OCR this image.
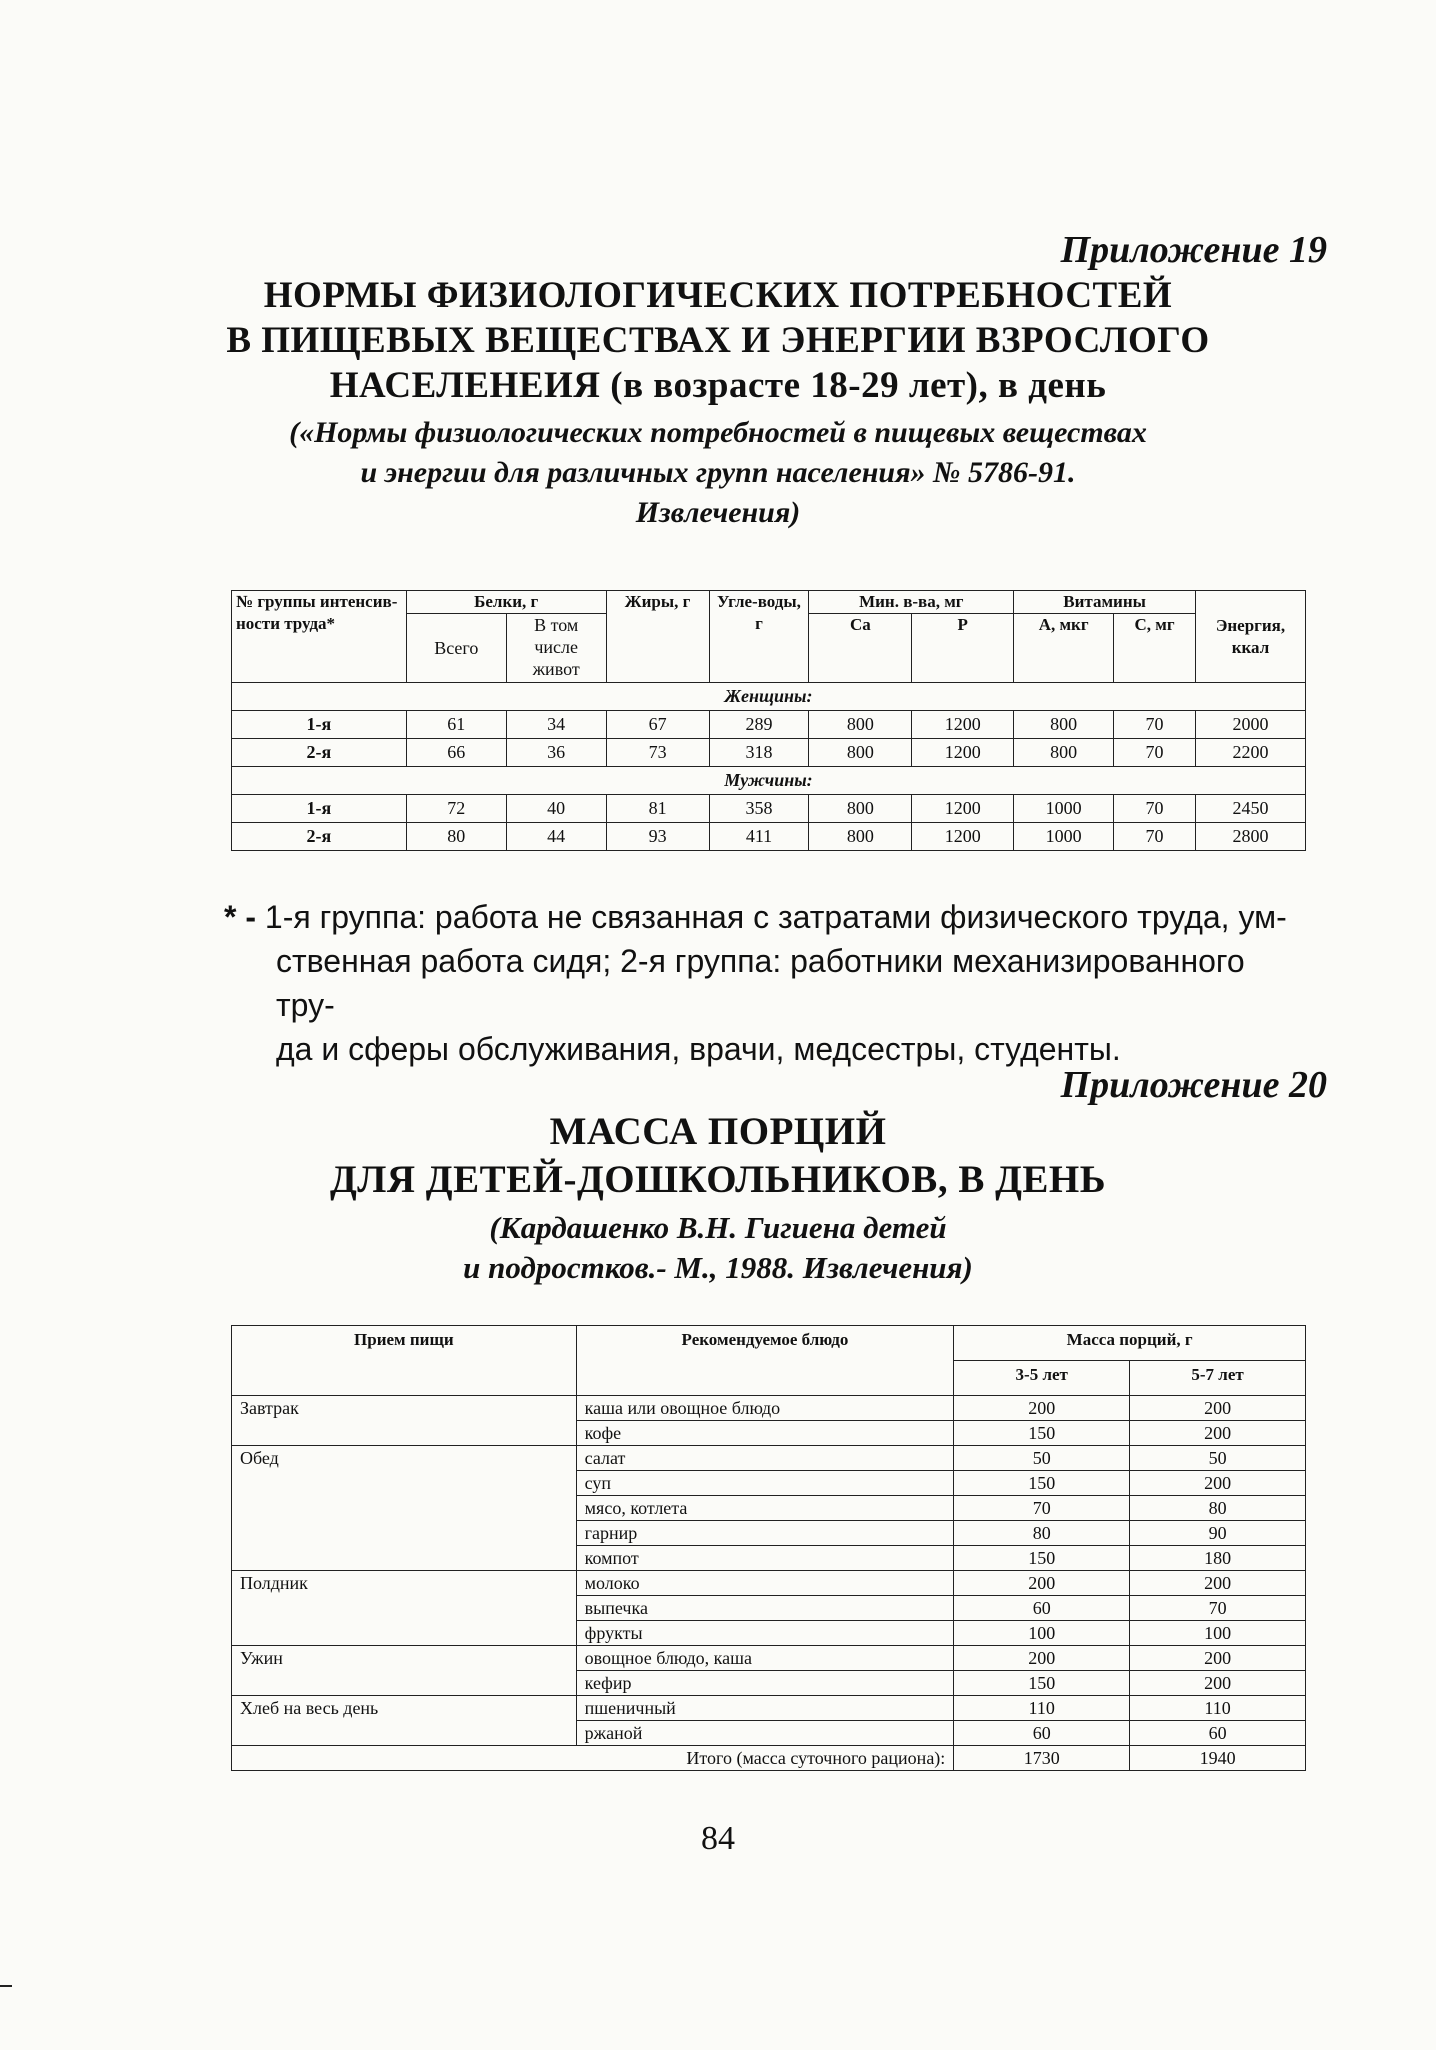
Приложение 19
НОРМЫ ФИЗИОЛОГИЧЕСКИХ ПОТРЕБНОСТЕЙ
В ПИЩЕВЫХ ВЕЩЕСТВАХ И ЭНЕРГИИ ВЗРОСЛОГО
НАСЕЛЕНЕИЯ (в возрасте 18-29 лет), в день
(«Нормы физиологических потребностей в пищевых веществах
и энергии для различных групп населения» № 5786-91.
Извлечения)
№ группы интенсив-ности труда*	Белки, г		Жиры, г	Угле-воды, г	Мин. в-ва, мг		Витамины		Энергия, ккал
	Всего	В том числе живот			Ca	P	А, мкг	С, мг	
Женщины:									
1-я	61	34	67	289	800	1200	800	70	2000
2-я	66	36	73	318	800	1200	800	70	2200
Мужчины:									
1-я	72	40	81	358	800	1200	1000	70	2450
2-я	80	44	93	411	800	1200	1000	70	2800
* - 1-я группа: работа не связанная с затратами физического труда, ум-
ственная работа сидя; 2-я группа: работники механизированного тру-
да и сферы обслуживания, врачи, медсестры, студенты.
Приложение 20
МАССА ПОРЦИЙ
ДЛЯ ДЕТЕЙ-ДОШКОЛЬНИКОВ, В ДЕНЬ
(Кардашенко В.Н. Гигиена детей
и подростков.- М., 1988. Извлечения)
Прием пищи	Рекомендуемое блюдо	Масса порций, г	
		3-5 лет	5-7 лет
Завтрак	каша или овощное блюдо	200	200
	кофе	150	200
Обед	салат	50	50
	суп	150	200
	мясо, котлета	70	80
	гарнир	80	90
	компот	150	180
Полдник	молоко	200	200
	выпечка	60	70
	фрукты	100	100
Ужин	овощное блюдо, каша	200	200
	кефир	150	200
Хлеб на весь день	пшеничный	110	110
	ржаной	60	60
Итого (масса суточного рациона):		1730	1940
84
